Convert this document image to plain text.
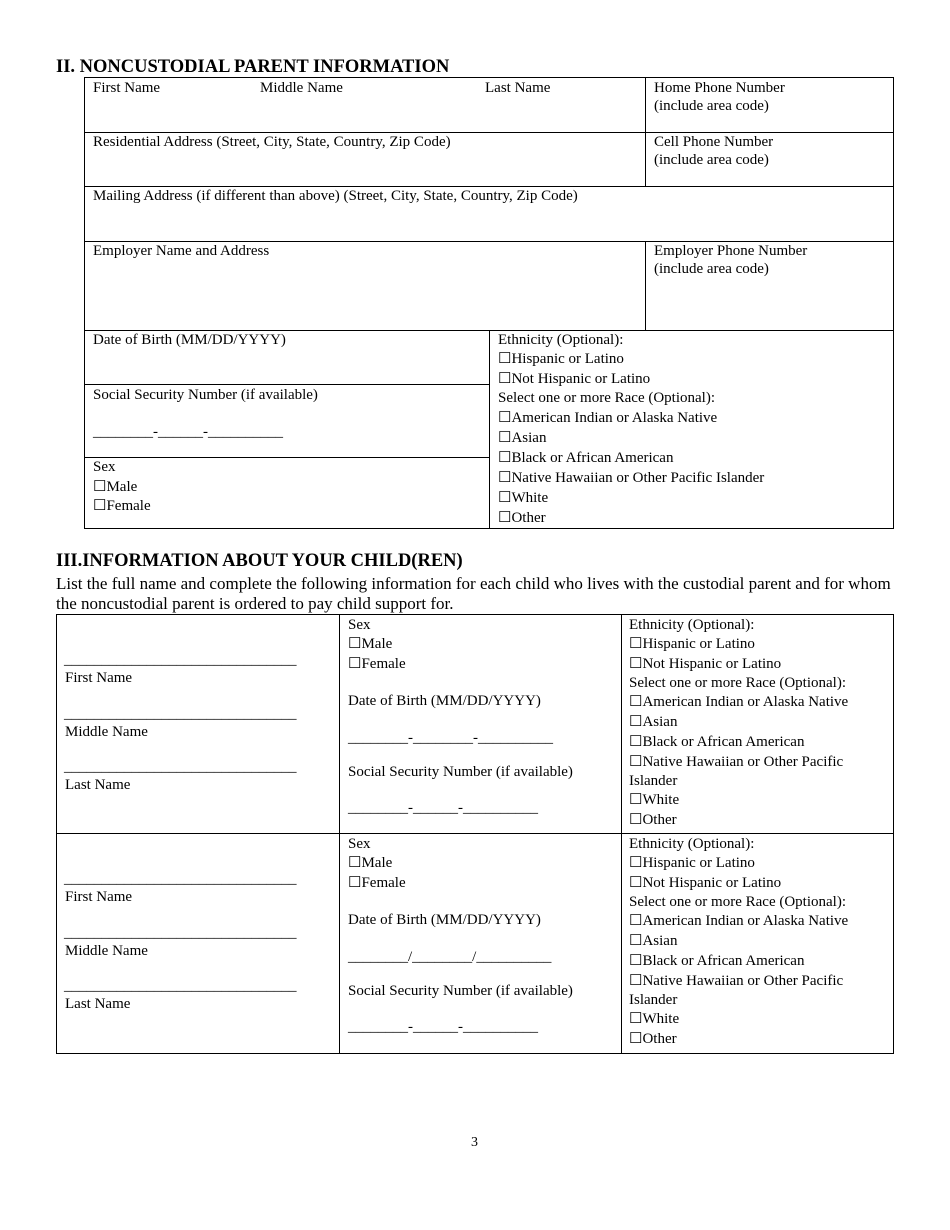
II. NONCUSTODIAL PARENT INFORMATION
First Name	Middle Name	Last Name	Home Phone Number
(include area code)
Residential Address (Street, City, State, Country, Zip Code)	Cell Phone Number
(include area code)
Mailing Address (if different than above) (Street, City, State, Country, Zip Code)
Employer Name and Address	Employer Phone Number
(include area code)
Date of Birth (MM/DD/YYYY)
Social Security Number (if available)
________-______-__________
Sex
☐Male
☐Female
Ethnicity (Optional):
☐Hispanic or Latino
☐Not Hispanic or Latino
Select one or more Race (Optional):
☐American Indian or Alaska Native
☐Asian
☐Black or African American
☐Native Hawaiian or Other Pacific Islander
☐White
☐Other
III.INFORMATION ABOUT YOUR CHILD(REN)
List the full name and complete the following information for each child who lives with the custodial parent and for whom the noncustodial parent is ordered to pay child support for.
_______________________________
First Name
_______________________________
Middle Name
_______________________________
Last Name
Sex
☐Male
☐Female
Date of Birth (MM/DD/YYYY)
________-________-__________
Social Security Number (if available)
________-______-__________
Ethnicity (Optional):
☐Hispanic or Latino
☐Not Hispanic or Latino
Select one or more Race (Optional):
☐American Indian or Alaska Native
☐Asian
☐Black or African American
☐Native Hawaiian or Other Pacific
Islander
☐White
☐Other
_______________________________
First Name
_______________________________
Middle Name
_______________________________
Last Name
Sex
☐Male
☐Female
Date of Birth (MM/DD/YYYY)
________/________/__________
Social Security Number (if available)
________-______-__________
Ethnicity (Optional):
☐Hispanic or Latino
☐Not Hispanic or Latino
Select one or more Race (Optional):
☐American Indian or Alaska Native
☐Asian
☐Black or African American
☐Native Hawaiian or Other Pacific
Islander
☐White
☐Other
3
